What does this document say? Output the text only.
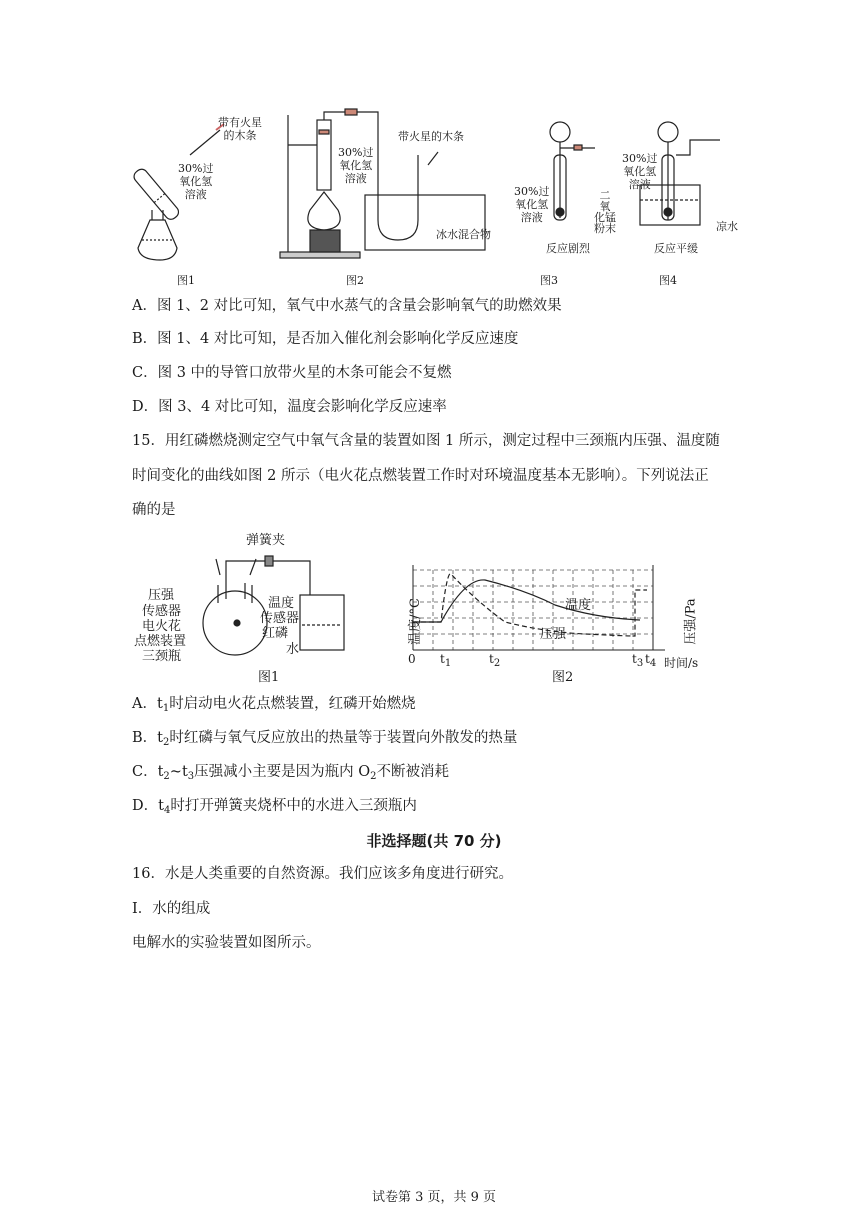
带有火星
的木条
30%过
氧化氢
溶液
图1
30%过
氧化氢
溶液
带火星的木条
冰水混合物
图2
30%过
氧化氢
溶液
二
氧
化锰
粉末
反应剧烈
图3
30%过
氧化氢
溶液
凉水
反应平缓
图4
A．图 1、2 对比可知，氧气中水蒸气的含量会影响氧气的助燃效果
B．图 1、4 对比可知，是否加入催化剂会影响化学反应速度
C．图 3 中的导管口放带火星的木条可能会不复燃
D．图 3、4 对比可知，温度会影响化学反应速率
15．用红磷燃烧测定空气中氧气含量的装置如图 1 所示，测定过程中三颈瓶内压强、温度随
时间变化的曲线如图 2 所示（电火花点燃装置工作时对环境温度基本无影响）。下列说法正
确的是
弹簧夹
压强
传感器
电火花
点燃装置
三颈瓶
温度
传感器
红磷
水
图1
温度/°C	压强/Pa
0 $t_1$	$t_2$	$t_3$ $t_4$ 时间/s
温度
压强
图2
A．$t_1$时启动电火花点燃装置，红磷开始燃烧
B．$t_2$时红磷与氧气反应放出的热量等于装置向外散发的热量
C．$t_2\sim t_3$压强减小主要是因为瓶内 $O_2$不断被消耗
D．$t_4$时打开弹簧夹烧杯中的水进入三颈瓶内
非选择题(共 70 分)
16．水是人类重要的自然资源。我们应该多角度进行研究。
I．水的组成
电解水的实验装置如图所示。
试卷第 3 页，共 9 页
